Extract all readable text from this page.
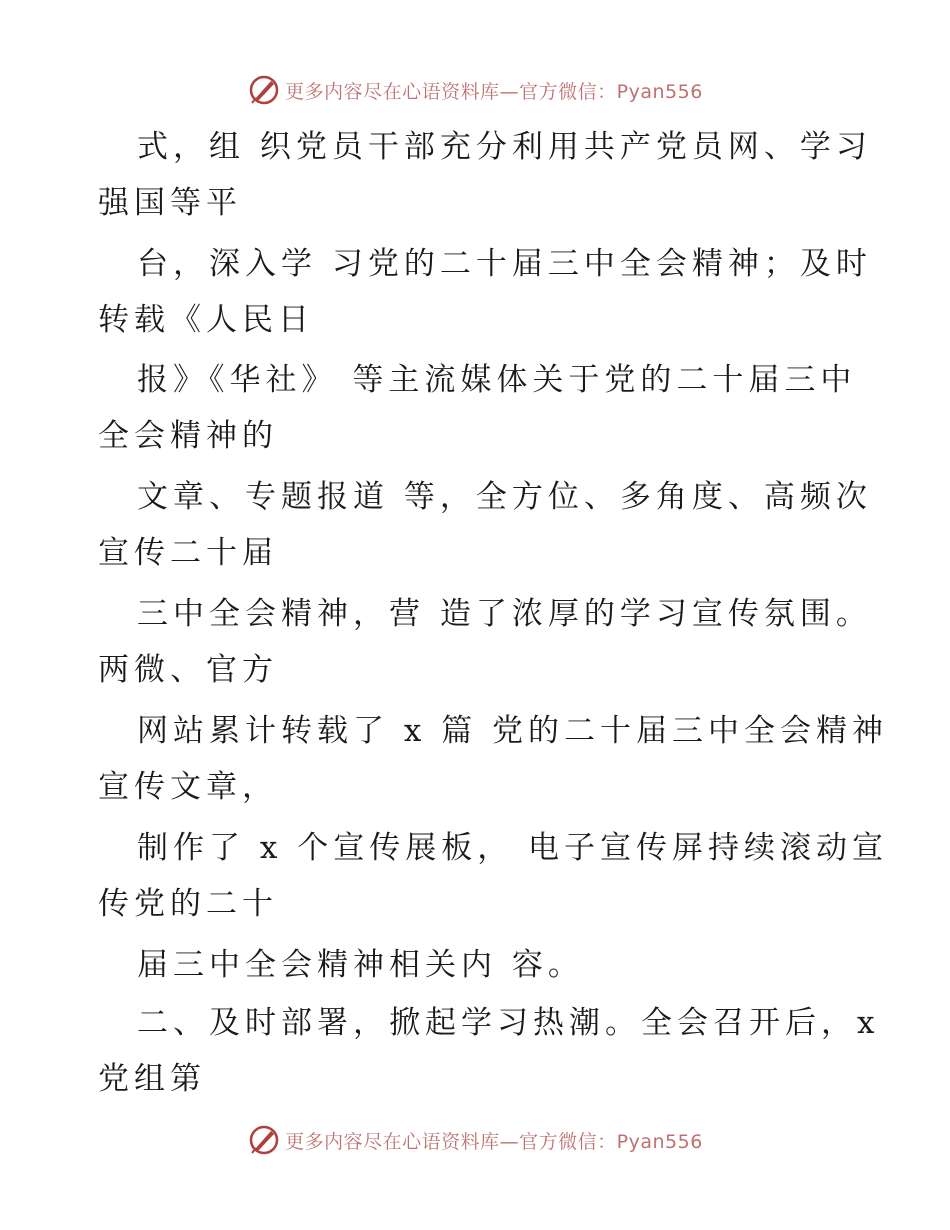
更多内容尽在心语资料库—官方微信：Pyan556
式，组 织党员干部充分利用共产党员网、学习
强国等平
台，深入学 习党的二十届三中全会精神；及时
转载《人民日
报》《华社》 等主流媒体关于党的二十届三中
全会精神的
文章、专题报道 等，全方位、多角度、高频次
宣传二十届
三中全会精神，营 造了浓厚的学习宣传氛围。
两微、官方
网站累计转载了 x 篇 党的二十届三中全会精神
宣传文章，
制作了 x 个宣传展板， 电子宣传屏持续滚动宣
传党的二十
届三中全会精神相关内 容。
二、及时部署，掀起学习热潮。全会召开后，x
党组第
更多内容尽在心语资料库—官方微信：Pyan556
